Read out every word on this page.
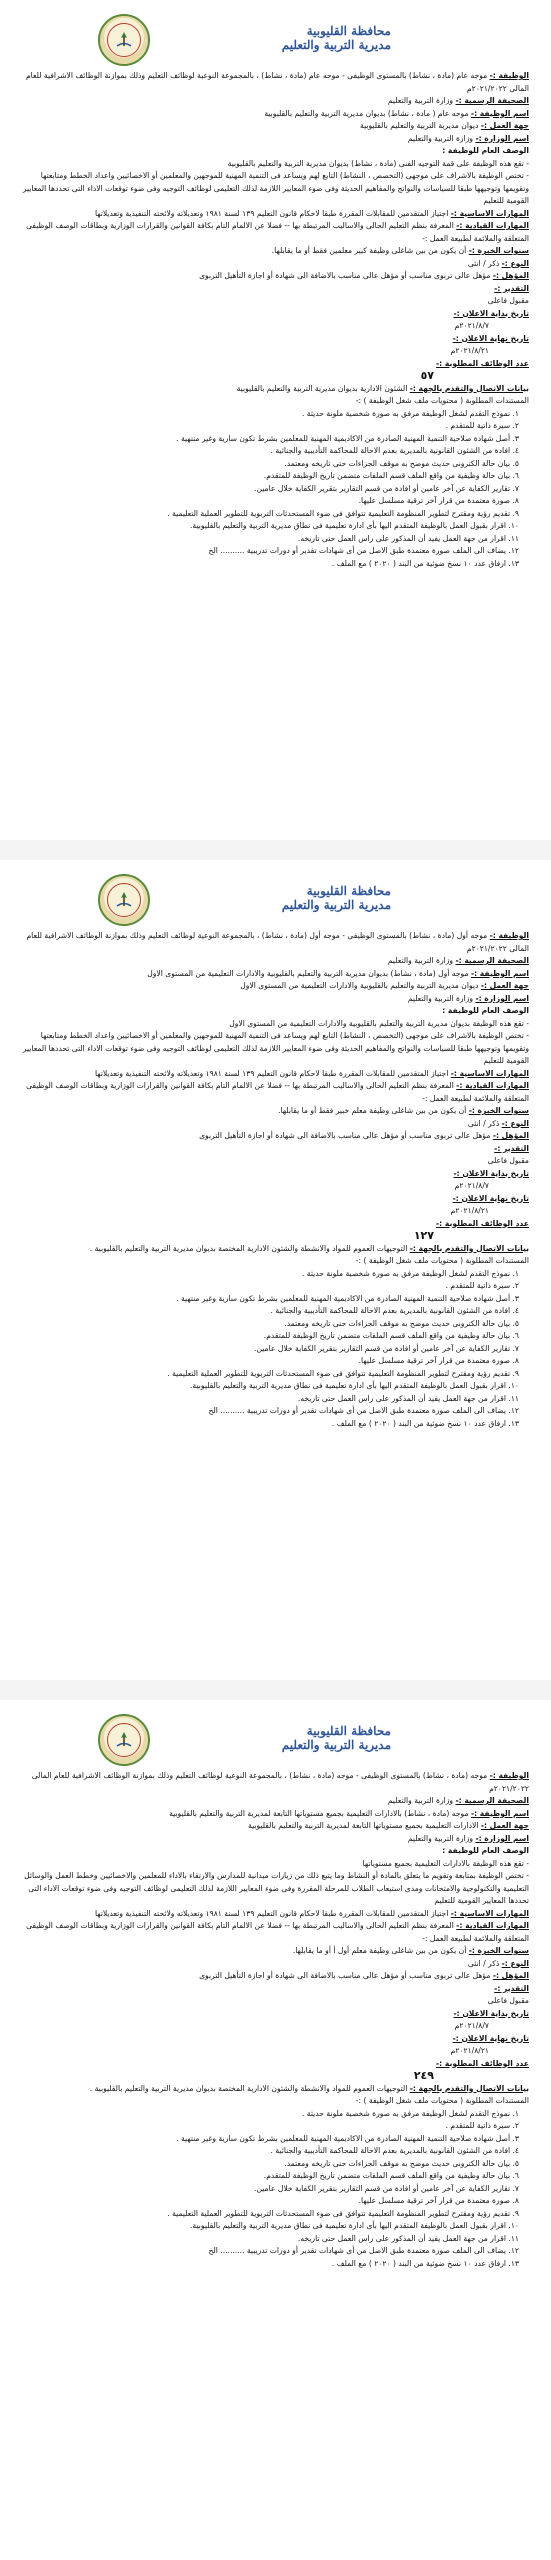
محافظة القليوبية
مديرية التربية والتعليم
الوظيفة :- موجه عام (مادة ، نشاط) بالمستوى الوظيفى - موجه عام (مادة ، نشاط) ، بالمجموعة النوعية لوظائف التعليم وذلك بموازنة الوظائف الاشرافية للعام المالى ٢٠٢١/٢٠٢٢م
الصحيفة الرسمية :- وزارة التربية والتعليم
اسم الوظيفة :- موجه عام ( مادة ، نشاط) بديوان مديرية التربية والتعليم بالقليوبية
جهة العمل :- ديوان مديرية التربية والتعليم بالقليوبية
اسم الوزارة :- وزارة التربية والتعليم
الوصف العام للوظيفة :
- تقع هذه الوظيفة على قمة التوجيه الفنى (مادة ، نشاط) بديوان مديرية التربية والتعليم بالقليوبية
- تختص الوظيفة بالاشراف على موجهى (التخصص ، النشاط) التابع لهم ويساعد فى التنمية المهنية للموجهين والمعلمين أو الاخصائيين واعداد الخطط ومتابعتها وتقويمها وتوجيهها طبقا للسياسات والنواتج والمفاهيم الحديثة وفى ضوء المعايير اللازمة لذلك التعليمى لوظائف التوجيه وفى ضوء توقعات الاداء التى تحددها المعايير القومية للتعليم
المهارات الاساسية :- اجتياز المتقدمين للمقابلات المقررة طبقا لاحكام قانون التعليم ١٣٩ لسنة ١٩٨١ وتعديلاته ولائحته التنفيذية وتعديلاتها
المهارات القيادية :- المعرفة بنظم التعليم الحالى والاساليب المرتبطة بها -- فضلا عن الالمام التام بكافة القوانين والقرارات الوزارية وبطاقات الوصف الوظيفى المتعلقة والملائمة لطبيعة العمل :-
سنوات الخبرة :- أن يكون من بين شاغلى وظيفة كبير معلمين فقط أو ما يقابلها.
النوع :- ذكر / انثى
المؤهل :- مؤهل عالى تربوى مناسب أو مؤهل عالى مناسب بالاضافة الى شهادة أو اجازة التأهيل التربوى
التقدير :-
مقبول فاعلى
تاريخ بداية الاعلان :-
٢٠٢١/٨/٧م
تاريخ نهاية الاعلان :-
٢٠٢١/٨/٢١م
عدد الوظائف المطلوبة :-
٥٧
بيانات الاتصال والتقدم بالجهة :- الشئون الادارية بديوان مديرية التربية والتعليم بالقليوبية
المستندات المطلوبة ( محتويات ملف شغل الوظيفة ) :-
١. نموذج التقدم لشغل الوظيفة مرفق به صورة شخصية ملونة حديثة .
٢. سيرة ذاتية للمتقدم .
٣. أصل شهادة صلاحية التنمية المهنية الصادرة من الاكاديمية المهنية للمعلمين بشرط تكون سارية وغير منتهية .
٤. افادة من الشئون القانونية بالمديرية بعدم الاحالة للمحاكمة التأديبية والجنائية .
٥. بيان حالة الكترونى حديث موضح به موقف الجزاءات حتى تاريخه ومعتمد.
٦. بيان حالة وظيفية من واقع الملف قسم الملفات متضمن تاريخ الوظيفة للمتقدم.
٧. تقارير الكفاية عن آخر عامين أو افادة من قسم التقارير بتقرير الكفاية خلال عامين.
٨. صورة معتمدة من قرار آخر ترقية مسلسل عليها.
٩. تقديم رؤية ومقترح لتطوير المنظومة التعليمية تتوافق فى ضوء المستحدثات التربوية للتطوير العملية التعليمية .
١٠. اقرار بقبول العمل بالوظيفة المتقدم اليها بأى ادارة تعليمية فى نطاق مديرية التربية والتعليم بالقليوبية.
١١. اقرار من جهة العمل يفيد أن المذكور على راس العمل حتى تاريخه.
١٢. يضاف الى الملف صورة معتمدة طبق الاصل من أى شهادات تقدير أو دورات تدريبية .......... الخ
١٣. ارفاق عدد ١٠ نسخ ضوئية من البند ( ٢٠٢٠ ) مع الملف .
محافظة القليوبية
مديرية التربية والتعليم
الوظيفة :- موجه أول (مادة ، نشاط) بالمستوى الوظيفى - موجه أول (مادة ، نشاط) ، بالمجموعة النوعية لوظائف التعليم وذلك بموازنة الوظائف الاشرافية للعام المالى ٢٠٢١/٢٠٢٢م
الصحيفة الرسمية :- وزارة التربية والتعليم
اسم الوظيفة :- موجه أول (مادة ، نشاط) بديوان مديرية التربية والتعليم بالقليوبية والادارات التعليمية من المستوى الاول
جهة العمل :- ديوان مديرية التربية والتعليم بالقليوبية والادارات التعليمية من المستوى الاول
اسم الوزارة :- وزارة التربية والتعليم
الوصف العام للوظيفة :
- تقع هذه الوظيفة بديوان مديرية التربية والتعليم بالقليوبية والادارات التعليمية من المستوى الاول
- تختص الوظيفة بالاشراف على موجهى (التخصص ، النشاط) التابع لهم ويساعد فى التنمية المهنية للموجهين والمعلمين أو الاخصائيين واعداد الخطط ومتابعتها وتقويمها وتوجيهها طبقا للسياسات والنواتج والمفاهيم الحديثة وفى ضوء المعايير اللازمة لذلك التعليمى لوظائف التوجيه وفى ضوء توقعات الاداء التى تحددها المعايير القومية للتعليم
المهارات الاساسية :- اجتياز المتقدمين للمقابلات المقررة طبقا لاحكام قانون التعليم ١٣٩ لسنة ١٩٨١ وتعديلاته ولائحته التنفيذية وتعديلاتها
المهارات القيادية :- المعرفة بنظم التعليم الحالى والاساليب المرتبطة بها -- فضلا عن الالمام التام بكافة القوانين والقرارات الوزارية وبطاقات الوصف الوظيفى المتعلقة والملائمة لطبيعة العمل :-
سنوات الخبرة :- أن يكون من بين شاغلى وظيفة معلم خبير فقط أو ما يقابلها.
النوع :- ذكر / انثى
المؤهل :- مؤهل عالى تربوى مناسب أو مؤهل عالى مناسب بالاضافة الى شهادة أو اجازة التأهيل التربوى
التقدير :-
مقبول فاعلى
تاريخ بداية الاعلان :-
٢٠٢١/٨/٧م
تاريخ نهاية الاعلان :-
٢٠٢١/٨/٢١م
عدد الوظائف المطلوبة :-
١٢٧
بيانات الاتصال والتقدم بالجهة :- التوجيهات العموم للمواد والانشطة والشئون الادارية المختصة بديوان مديرية التربية والتعليم بالقليوبية .
المستندات المطلوبة ( محتويات ملف شغل الوظيفة ) :-
١. نموذج التقدم لشغل الوظيفة مرفق به صورة شخصية ملونة حديثة .
٢. سيرة ذاتية للمتقدم .
٣. أصل شهادة صلاحية التنمية المهنية الصادرة من الاكاديمية المهنية للمعلمين بشرط تكون سارية وغير منتهية .
٤. افادة من الشئون القانونية بالمديرية بعدم الاحالة للمحاكمة التأديبية والجنائية .
٥. بيان حالة الكترونى حديث موضح به موقف الجزاءات حتى تاريخه ومعتمد.
٦. بيان حالة وظيفية من واقع الملف قسم الملفات متضمن تاريخ الوظيفة للمتقدم.
٧. تقارير الكفاية عن آخر عامين أو افادة من قسم التقارير بتقرير الكفاية خلال عامين.
٨. صورة معتمدة من قرار آخر ترقية مسلسل عليها.
٩. تقديم رؤية ومقترح لتطوير المنظومة التعليمية تتوافق فى ضوء المستحدثات التربوية للتطوير العملية التعليمية .
١٠. اقرار بقبول العمل بالوظيفة المتقدم اليها بأى ادارة تعليمية فى نطاق مديرية التربية والتعليم بالقليوبية.
١١. اقرار من جهة العمل يفيد أن المذكور على راس العمل حتى تاريخه.
١٢. يضاف الى الملف صورة معتمدة طبق الاصل من أى شهادات تقدير أو دورات تدريبية .......... الخ
١٣. ارفاق عدد ١٠ نسخ ضوئية من البند ( ٢٠٢٠ ) مع الملف .
محافظة القليوبية
مديرية التربية والتعليم
الوظيفة :- موجه (مادة ، نشاط) بالمستوى الوظيفى - موجه (مادة ، نشاط) ، بالمجموعة النوعية لوظائف التعليم وذلك بموازنة الوظائف الاشرافية للعام المالى ٢٠٢١/٢٠٢٢م
الصحيفة الرسمية :- وزارة التربية والتعليم
اسم الوظيفة :- موجه (مادة ، نشاط) بالادارات التعليمية بجميع مستوياتها التابعة لمديرية التربية والتعليم بالقليوبية
جهة العمل :- الادارات التعليمية بجميع مستوياتها التابعة لمديرية التربية والتعليم بالقليوبية
اسم الوزارة :- وزارة التربية والتعليم
الوصف العام للوظيفة :
- تقع هذه الوظيفة بالادارات التعليمية بجميع مستوياتها
- تختص الوظيفة بمتابعة وتقويم ما يتعلق بالمادة أو النشاط وما يتبع ذلك من زيارات ميدانية للمدارس والارتقاء بالاداء للمعلمين والاخصائيين وخطط العمل والوسائل التعليمية والتكنولوجية والامتحانات ومدى استيعاب الطلاب للمرحلة المقررة وفى ضوء المعايير اللازمة لذلك التعليمى لوظائف التوجيه وفى ضوء توقعات الاداء التى تحددها المعايير القومية للتعليم
المهارات الاساسية :- اجتياز المتقدمين للمقابلات المقررة طبقا لاحكام قانون التعليم ١٣٩ لسنة ١٩٨١ وتعديلاته ولائحته التنفيذية وتعديلاتها
المهارات القيادية :- المعرفة بنظم التعليم الحالى والاساليب المرتبطة بها -- فضلا عن الالمام التام بكافة القوانين والقرارات الوزارية وبطاقات الوصف الوظيفى المتعلقة والملائمة لطبيعة العمل :-
سنوات الخبرة :- أن يكون من بين شاغلى وظيفة معلم أول أ أو ما يقابلها.
النوع :- ذكر / انثى
المؤهل :- مؤهل عالى تربوى مناسب أو مؤهل عالى مناسب بالاضافة الى شهادة أو اجازة التأهيل التربوى
التقدير :-
مقبول فاعلى
تاريخ بداية الاعلان :-
٢٠٢١/٨/٧م
تاريخ نهاية الاعلان :-
٢٠٢١/٨/٢١م
عدد الوظائف المطلوبة :-
٢٤٩
بيانات الاتصال والتقدم بالجهة :- التوجيهات العموم للمواد والانشطة والشئون الادارية المختصة بديوان مديرية التربية والتعليم بالقليوبية .
المستندات المطلوبة ( محتويات ملف شغل الوظيفة ) :-
١. نموذج التقدم لشغل الوظيفة مرفق به صورة شخصية ملونة حديثة .
٢. سيرة ذاتية للمتقدم .
٣. أصل شهادة صلاحية التنمية المهنية الصادرة من الاكاديمية المهنية للمعلمين بشرط تكون سارية وغير منتهية .
٤. افادة من الشئون القانونية بالمديرية بعدم الاحالة للمحاكمة التأديبية والجنائية .
٥. بيان حالة الكترونى حديث موضح به موقف الجزاءات حتى تاريخه ومعتمد.
٦. بيان حالة وظيفية من واقع الملف قسم الملفات متضمن تاريخ الوظيفة للمتقدم.
٧. تقارير الكفاية عن آخر عامين أو افادة من قسم التقارير بتقرير الكفاية خلال عامين.
٨. صورة معتمدة من قرار آخر ترقية مسلسل عليها.
٩. تقديم رؤية ومقترح لتطوير المنظومة التعليمية تتوافق فى ضوء المستحدثات التربوية للتطوير العملية التعليمية .
١٠. اقرار بقبول العمل بالوظيفة المتقدم اليها بأى ادارة تعليمية فى نطاق مديرية التربية والتعليم بالقليوبية.
١١. اقرار من جهة العمل يفيد أن المذكور على راس العمل حتى تاريخه.
١٢. يضاف الى الملف صورة معتمدة طبق الاصل من أى شهادات تقدير أو دورات تدريبية .......... الخ
١٣. ارفاق عدد ١٠ نسخ ضوئية من البند ( ٢٠٢٠ ) مع الملف .
